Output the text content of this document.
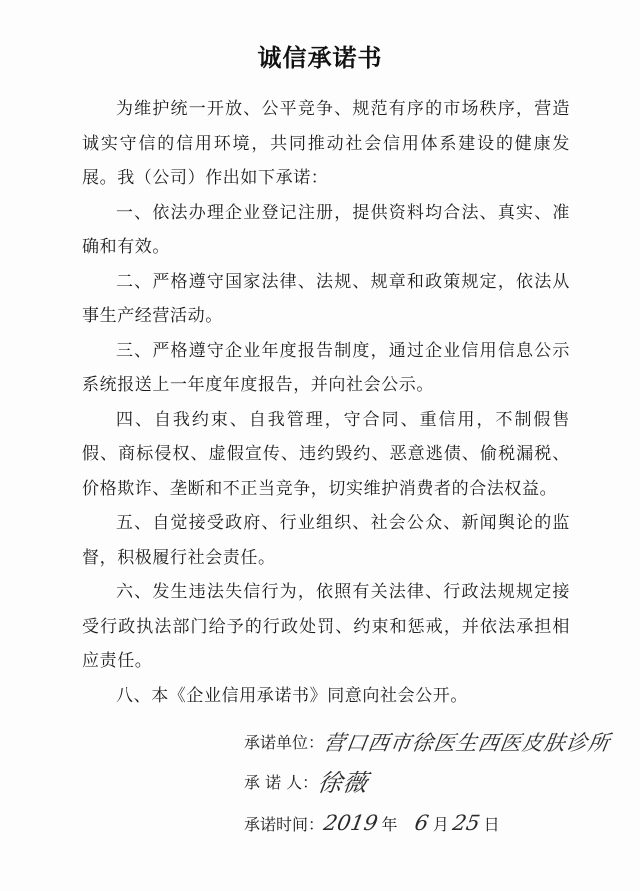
诚信承诺书

为维护统一开放、公平竞争、规范有序的市场秩序，营造诚实守信的信用环境，共同推动社会信用体系建设的健康发展。我（公司）作出如下承诺：

一、依法办理企业登记注册，提供资料均合法、真实、准确和有效。

二、严格遵守国家法律、法规、规章和政策规定，依法从事生产经营活动。

三、严格遵守企业年度报告制度，通过企业信用信息公示系统报送上一年度年度报告，并向社会公示。

四、自我约束、自我管理，守合同、重信用，不制假售假、商标侵权、虚假宣传、违约毁约、恶意逃债、偷税漏税、价格欺诈、垄断和不正当竞争，切实维护消费者的合法权益。

五、自觉接受政府、行业组织、社会公众、新闻舆论的监督，积极履行社会责任。

六、发生违法失信行为，依照有关法律、行政法规规定接受行政执法部门给予的行政处罚、约束和惩戒，并依法承担相应责任。

八、本《企业信用承诺书》同意向社会公开。

承诺单位：营口西市徐医生西医皮肤诊所
承 诺 人：徐薇
承诺时间：2019 年 6 月25 日
